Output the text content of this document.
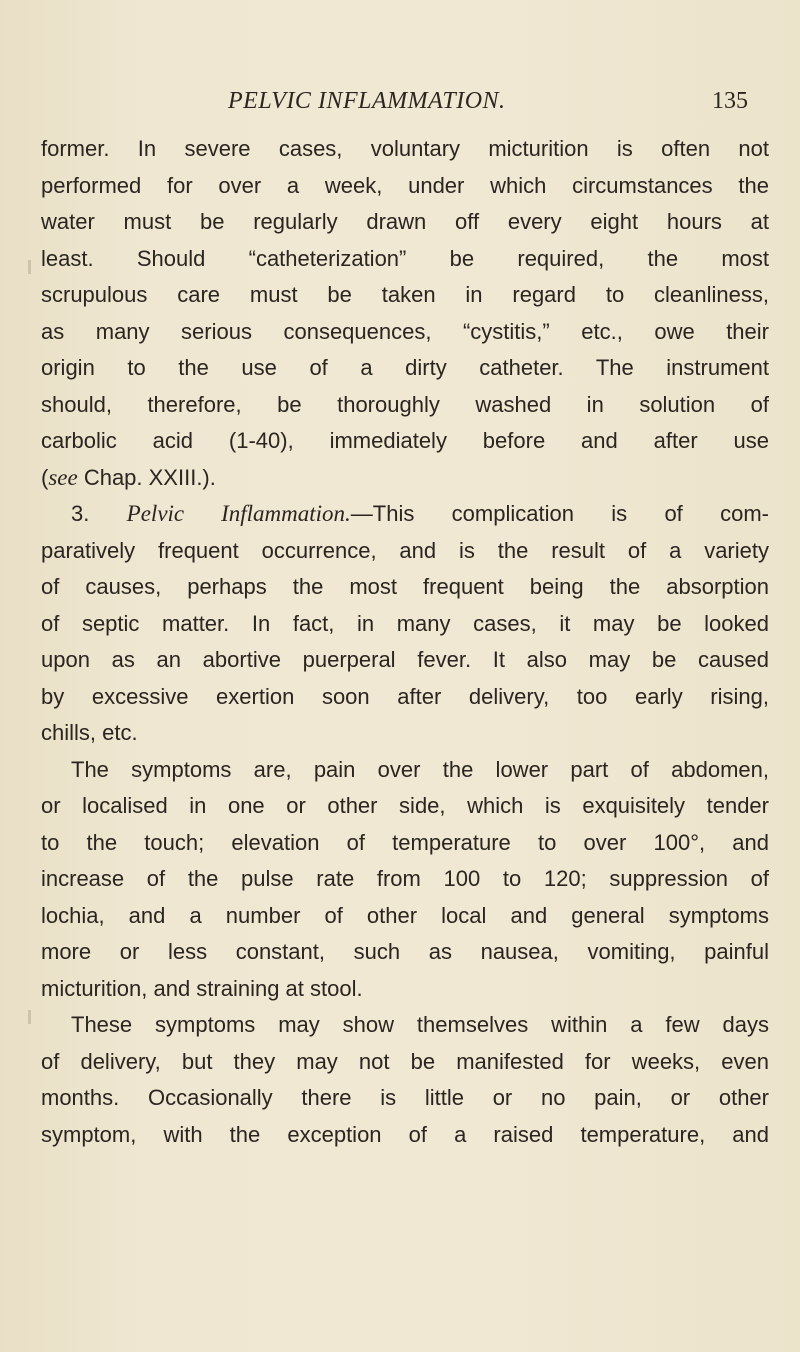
PELVIC INFLAMMATION.	135
former. In severe cases, voluntary micturition is often not
performed for over a week, under which circumstances the
water must be regularly drawn off every eight hours at
least. Should “catheterization” be required, the most
scrupulous care must be taken in regard to cleanliness,
as many serious consequences, “cystitis,” etc., owe their
origin to the use of a dirty catheter. The instrument
should, therefore, be thoroughly washed in solution of
carbolic acid (1-40), immediately before and after use
(see Chap. XXIII.).
3. Pelvic Inflammation.—This complication is of com-
paratively frequent occurrence, and is the result of a variety
of causes, perhaps the most frequent being the absorption
of septic matter. In fact, in many cases, it may be looked
upon as an abortive puerperal fever. It also may be caused
by excessive exertion soon after delivery, too early rising,
chills, etc.
The symptoms are, pain over the lower part of abdomen,
or localised in one or other side, which is exquisitely tender
to the touch; elevation of temperature to over 100°, and
increase of the pulse rate from 100 to 120; suppression of
lochia, and a number of other local and general symptoms
more or less constant, such as nausea, vomiting, painful
micturition, and straining at stool.
These symptoms may show themselves within a few days
of delivery, but they may not be manifested for weeks, even
months. Occasionally there is little or no pain, or other
symptom, with the exception of a raised temperature, and
